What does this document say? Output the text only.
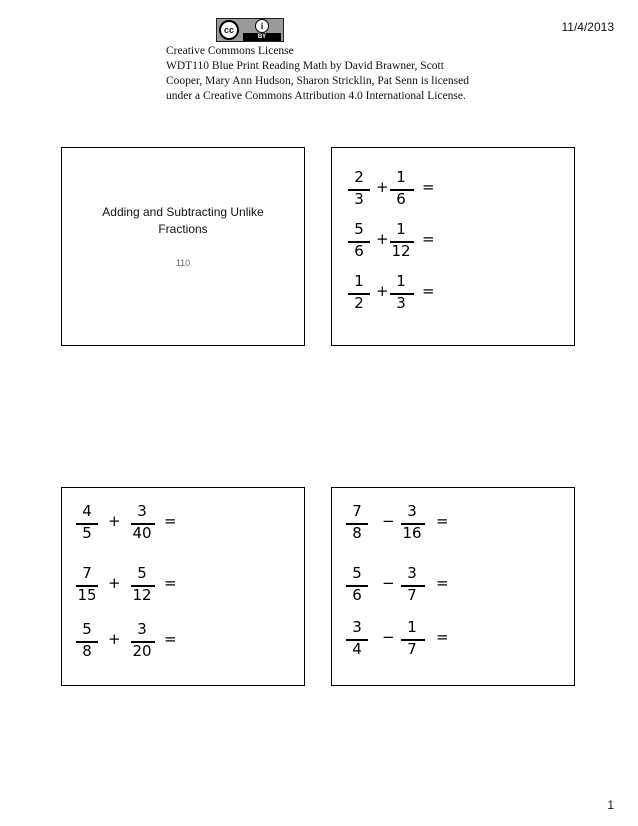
11/4/2013
cc	i
BY
Creative Commons License
WDT110 Blue Print Reading Math by David Brawner, Scott
Cooper, Mary Ann Hudson, Sharon Stricklin, Pat Senn is licensed
under a Creative Commons Attribution 4.0 International License.
Adding and Subtracting Unlike
Fractions
110
2
3
+
1
6
=
5
6
+
1
12
=
1
2
+
1
3
=
4
5
+
3
40
=
7
15
+
5
12
=
5
8
+
3
20
=
7
8
−
3
16
=
5
6
−
3
7
=
3
4
−
1
7
=
1
